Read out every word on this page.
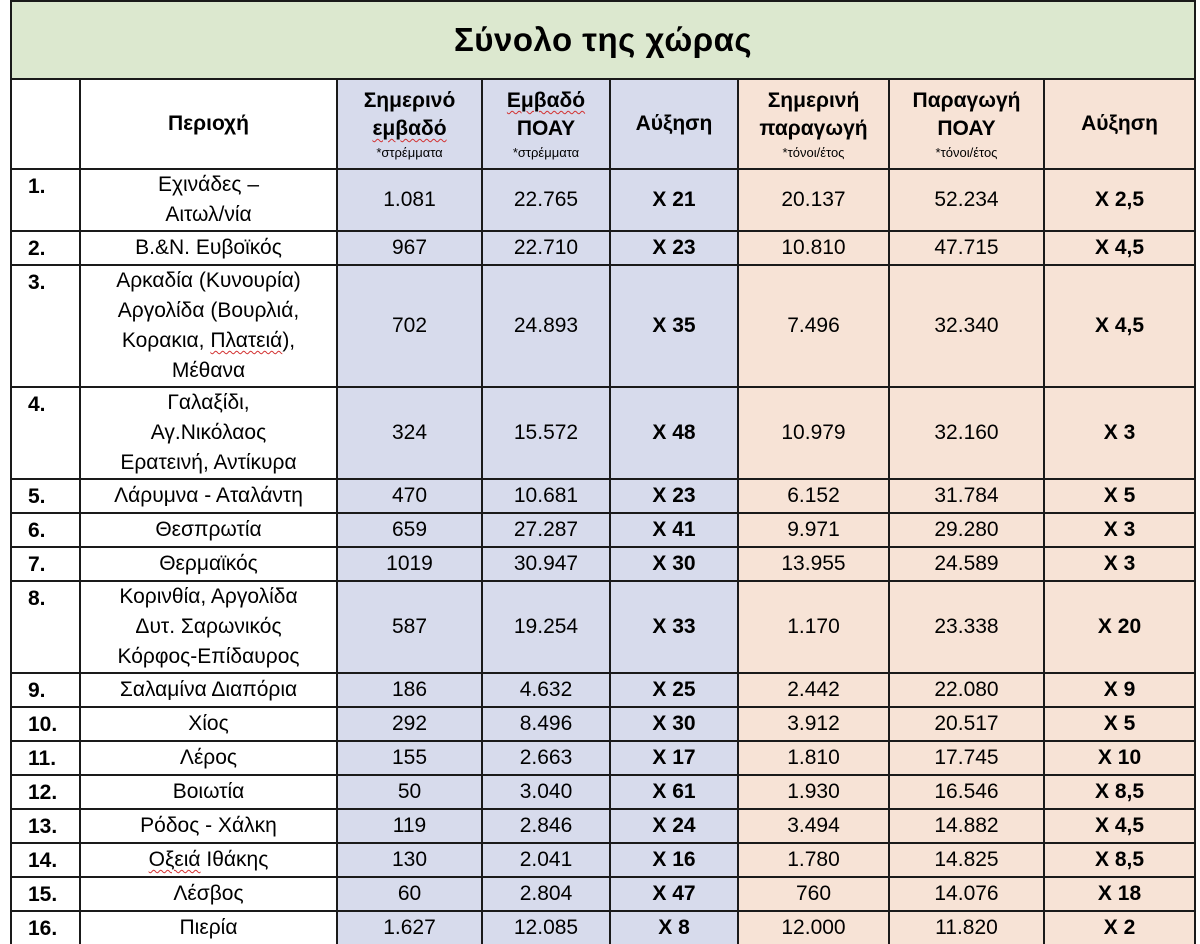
Σύνολο της χώρας							
	Περιοχή	Σημερινό
εμβαδό
*στρέμματα	Εμβαδό
ΠΟΑΥ
*στρέμματα	Αύξηση	Σημερινή
παραγωγή
*τόνοι/έτος	Παραγωγή
ΠΟΑΥ
*τόνοι/έτος	Αύξηση
1.	Εχινάδες –
Αιτωλ/νία	1.081	22.765	Χ 21	20.137	52.234	Χ 2,5
2.	Β.&Ν. Ευβοϊκός	967	22.710	Χ 23	10.810	47.715	Χ 4,5
3.	Αρκαδία (Κυνουρία)
Αργολίδα (Βουρλιά,
Κορακια, Πλατειά),
Μέθανα	702	24.893	Χ 35	7.496	32.340	Χ 4,5
4.	Γαλαξίδι,
Αγ.Νικόλαος
Ερατεινή, Αντίκυρα	324	15.572	Χ 48	10.979	32.160	Χ 3
5.	Λάρυμνα - Αταλάντη	470	10.681	Χ 23	6.152	31.784	Χ 5
6.	Θεσπρωτία	659	27.287	Χ 41	9.971	29.280	Χ 3
7.	Θερμαϊκός	1019	30.947	Χ 30	13.955	24.589	Χ 3
8.	Κορινθία, Αργολίδα
Δυτ. Σαρωνικός
Κόρφος-Επίδαυρος	587	19.254	Χ 33	1.170	23.338	Χ 20
9.	Σαλαμίνα Διαπόρια	186	4.632	Χ 25	2.442	22.080	Χ 9
10.	Χίος	292	8.496	Χ 30	3.912	20.517	Χ 5
11.	Λέρος	155	2.663	Χ 17	1.810	17.745	Χ 10
12.	Βοιωτία	50	3.040	Χ 61	1.930	16.546	Χ 8,5
13.	Ρόδος - Χάλκη	119	2.846	Χ 24	3.494	14.882	Χ 4,5
14.	Οξειά Ιθάκης	130	2.041	Χ 16	1.780	14.825	Χ 8,5
15.	Λέσβος	60	2.804	Χ 47	760	14.076	Χ 18
16.	Πιερία	1.627	12.085	Χ 8	12.000	11.820	Χ 2
